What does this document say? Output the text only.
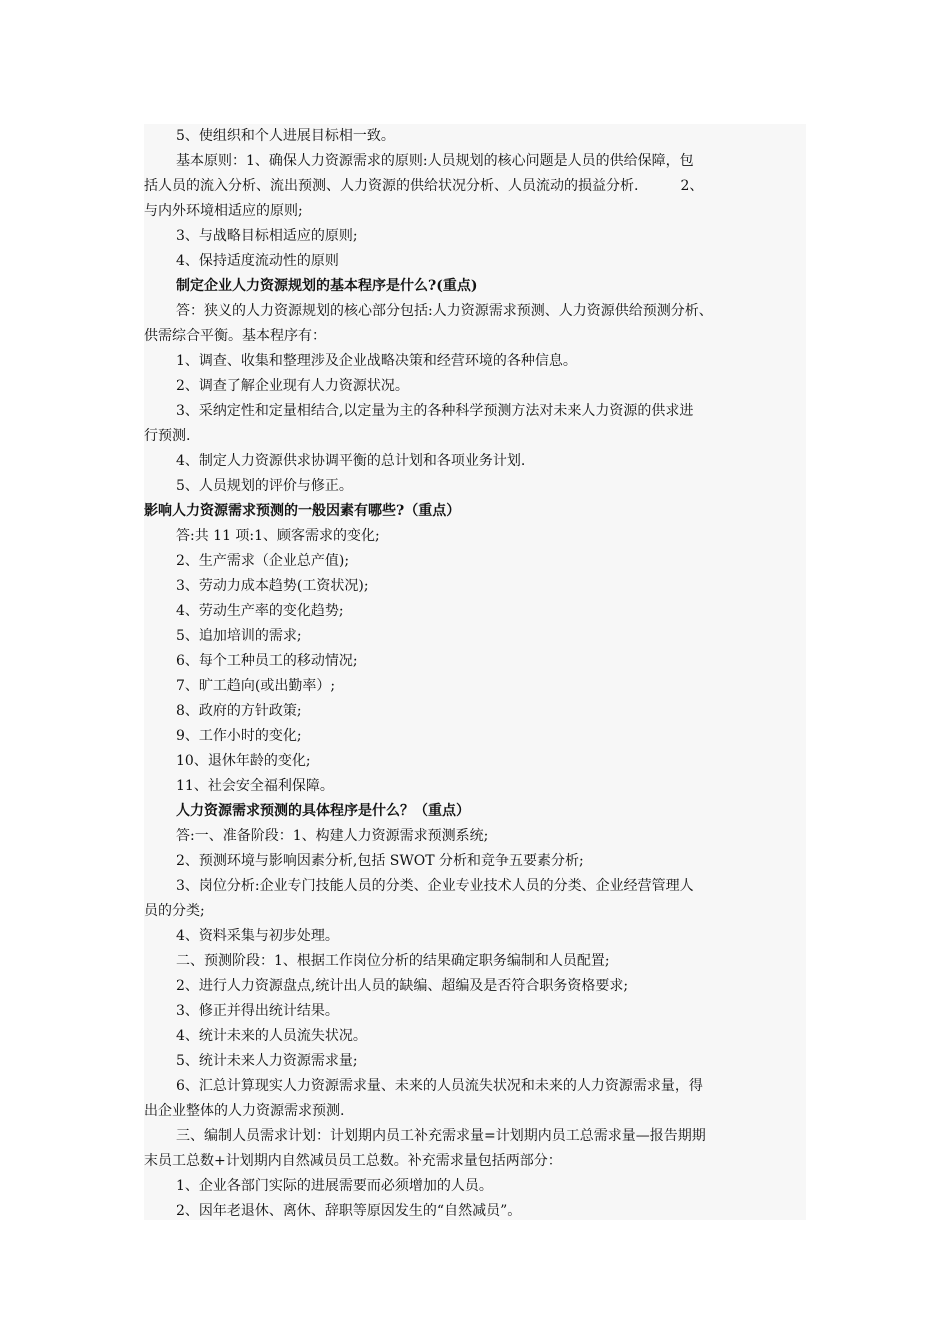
5、使组织和个人进展目标相一致。
基本原则：1、确保人力资源需求的原则:人员规划的核心问题是人员的供给保障，包
括人员的流入分析、流出预测、人力资源的供给状况分析、人员流动的损益分析.　　　2、
与内外环境相适应的原则;
3、与战略目标相适应的原则;
4、保持适度流动性的原则
制定企业人力资源规划的基本程序是什么?(重点)
答：狭义的人力资源规划的核心部分包括:人力资源需求预测、人力资源供给预测分析、
供需综合平衡。基本程序有：
1、调查、收集和整理涉及企业战略决策和经营环境的各种信息。
2、调查了解企业现有人力资源状况。
3、采纳定性和定量相结合,以定量为主的各种科学预测方法对未来人力资源的供求进
行预测.
4、制定人力资源供求协调平衡的总计划和各项业务计划.
5、人员规划的评价与修正。
影响人力资源需求预测的一般因素有哪些?（重点）
答:共 11 项:1、顾客需求的变化;
2、生产需求（企业总产值);
3、劳动力成本趋势(工资状况);
4、劳动生产率的变化趋势;
5、追加培训的需求;
6、每个工种员工的移动情况;
7、旷工趋向(或出勤率）;
8、政府的方针政策;
9、工作小时的变化;
10、退休年龄的变化;
11、社会安全福利保障。
人力资源需求预测的具体程序是什么？（重点）
答:一、准备阶段：1、构建人力资源需求预测系统;
2、预测环境与影响因素分析,包括 SWOT 分析和竞争五要素分析;
3、岗位分析:企业专门技能人员的分类、企业专业技术人员的分类、企业经营管理人
员的分类;
4、资料采集与初步处理。
二、预测阶段：1、根据工作岗位分析的结果确定职务编制和人员配置;
2、进行人力资源盘点,统计出人员的缺编、超编及是否符合职务资格要求;
3、修正并得出统计结果。
4、统计未来的人员流失状况。
5、统计未来人力资源需求量;
6、汇总计算现实人力资源需求量、未来的人员流失状况和未来的人力资源需求量，得
出企业整体的人力资源需求预测.
三、编制人员需求计划：计划期内员工补充需求量=计划期内员工总需求量—报告期期
末员工总数+计划期内自然减员员工总数。补充需求量包括两部分：
1、企业各部门实际的进展需要而必须增加的人员。
2、因年老退休、离休、辞职等原因发生的“自然减员”。
